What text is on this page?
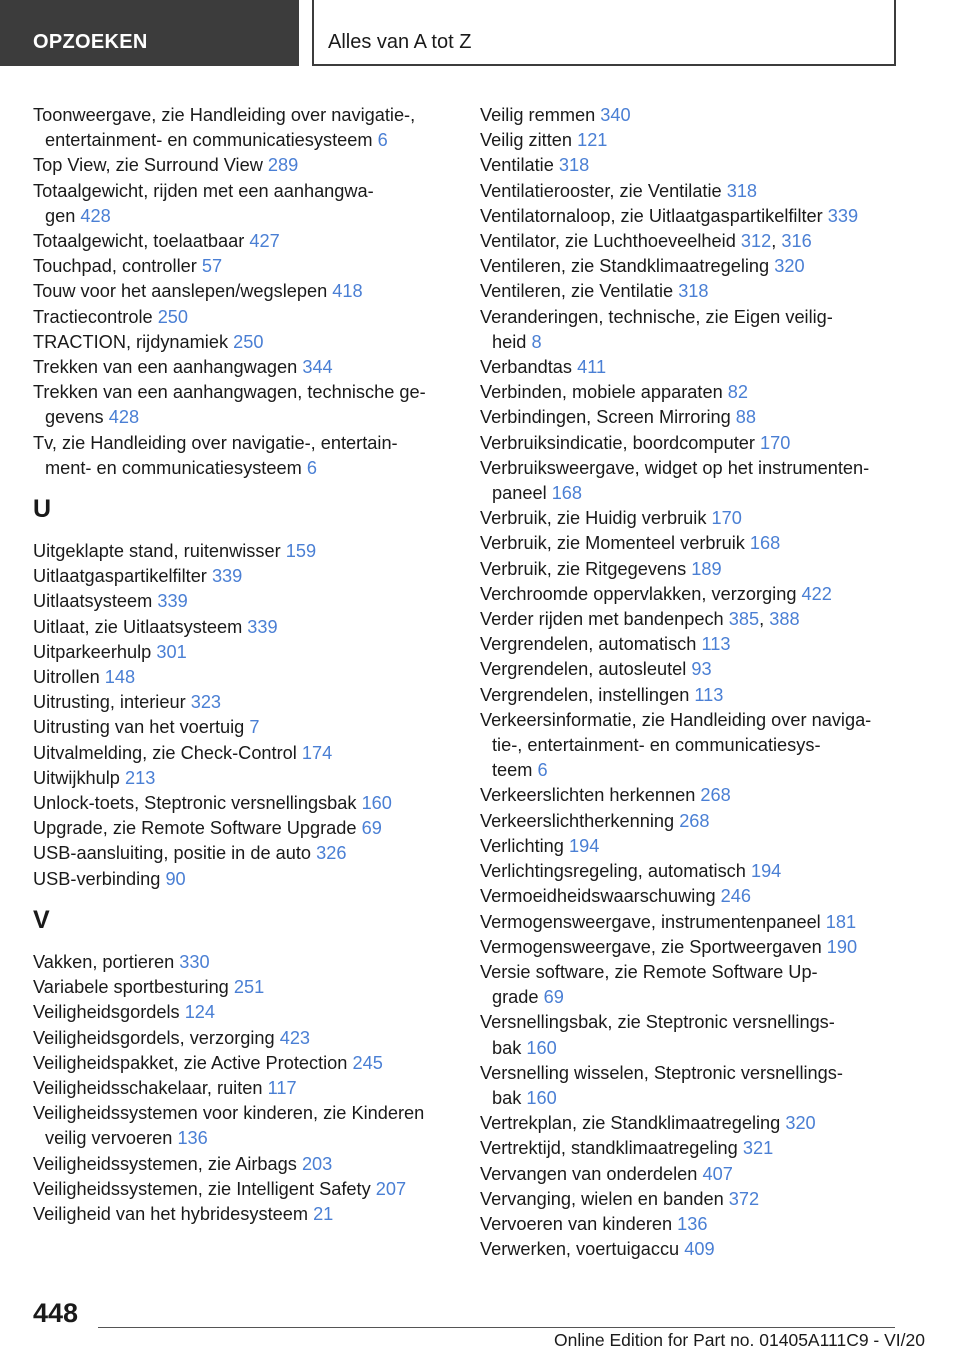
OPZOEKEN	Alles van A tot Z
Toonweergave, zie Handleiding over navigatie-,
entertainment- en communicatiesysteem 6
Top View, zie Surround View 289
Totaalgewicht, rijden met een aanhangwa-
gen 428
Totaalgewicht, toelaatbaar 427
Touchpad, controller 57
Touw voor het aanslepen/wegslepen 418
Tractiecontrole 250
TRACTION, rijdynamiek 250
Trekken van een aanhangwagen 344
Trekken van een aanhangwagen, technische ge-
gevens 428
Tv, zie Handleiding over navigatie-, entertain-
ment- en communicatiesysteem 6
U
Uitgeklapte stand, ruitenwisser 159
Uitlaatgaspartikelfilter 339
Uitlaatsysteem 339
Uitlaat, zie Uitlaatsysteem 339
Uitparkeerhulp 301
Uitrollen 148
Uitrusting, interieur 323
Uitrusting van het voertuig 7
Uitvalmelding, zie Check-Control 174
Uitwijkhulp 213
Unlock-toets, Steptronic versnellingsbak 160
Upgrade, zie Remote Software Upgrade 69
USB-aansluiting, positie in de auto 326
USB-verbinding 90
V
Vakken, portieren 330
Variabele sportbesturing 251
Veiligheidsgordels 124
Veiligheidsgordels, verzorging 423
Veiligheidspakket, zie Active Protection 245
Veiligheidsschakelaar, ruiten 117
Veiligheidssystemen voor kinderen, zie Kinderen
veilig vervoeren 136
Veiligheidssystemen, zie Airbags 203
Veiligheidssystemen, zie Intelligent Safety 207
Veiligheid van het hybridesysteem 21
Veilig remmen 340
Veilig zitten 121
Ventilatie 318
Ventilatierooster, zie Ventilatie 318
Ventilatornaloop, zie Uitlaatgaspartikelfilter 339
Ventilator, zie Luchthoeveelheid 312, 316
Ventileren, zie Standklimaatregeling 320
Ventileren, zie Ventilatie 318
Veranderingen, technische, zie Eigen veilig-
heid 8
Verbandtas 411
Verbinden, mobiele apparaten 82
Verbindingen, Screen Mirroring 88
Verbruiksindicatie, boordcomputer 170
Verbruiksweergave, widget op het instrumenten-
paneel 168
Verbruik, zie Huidig verbruik 170
Verbruik, zie Momenteel verbruik 168
Verbruik, zie Ritgegevens 189
Verchroomde oppervlakken, verzorging 422
Verder rijden met bandenpech 385, 388
Vergrendelen, automatisch 113
Vergrendelen, autosleutel 93
Vergrendelen, instellingen 113
Verkeersinformatie, zie Handleiding over naviga-
tie-, entertainment- en communicatiesys-
teem 6
Verkeerslichten herkennen 268
Verkeerslichtherkenning 268
Verlichting 194
Verlichtingsregeling, automatisch 194
Vermoeidheidswaarschuwing 246
Vermogensweergave, instrumentenpaneel 181
Vermogensweergave, zie Sportweergaven 190
Versie software, zie Remote Software Up-
grade 69
Versnellingsbak, zie Steptronic versnellings-
bak 160
Versnelling wisselen, Steptronic versnellings-
bak 160
Vertrekplan, zie Standklimaatregeling 320
Vertrektijd, standklimaatregeling 321
Vervangen van onderdelen 407
Vervanging, wielen en banden 372
Vervoeren van kinderen 136
Verwerken, voertuigaccu 409
448
Online Edition for Part no. 01405A111C9 - VI/20
